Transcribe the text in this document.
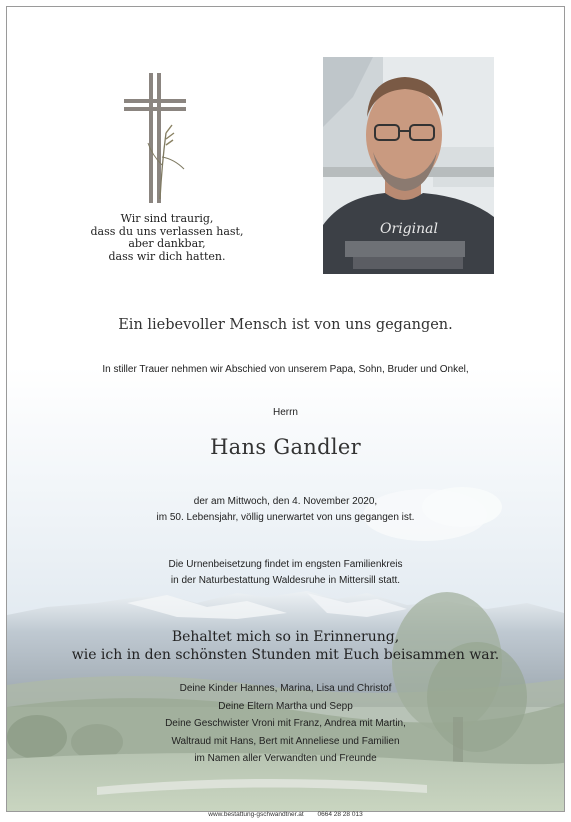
Wir sind traurig,
dass du uns verlassen hast,
aber dankbar,
dass wir dich hatten.
Original
Ein liebevoller Mensch ist von uns gegangen.
In stiller Trauer nehmen wir Abschied von unserem Papa, Sohn, Bruder und Onkel,
Herrn
Hans Gandler
der am Mittwoch, den 4. November 2020,
im 50. Lebensjahr, völlig unerwartet von uns gegangen ist.
Die Urnenbeisetzung findet im engsten Familienkreis
in der Naturbestattung Waldesruhe in Mittersill statt.
Behaltet mich so in Erinnerung,
wie ich in den schönsten Stunden mit Euch beisammen war.
Deine Kinder Hannes, Marina, Lisa und Christof
Deine Eltern Martha und Sepp
Deine Geschwister Vroni mit Franz, Andrea mit Martin,
Waltraud mit Hans, Bert mit Anneliese und Familien
im Namen aller Verwandten und Freunde
www.bestattung-gschwandtner.at 0664 28 28 013
